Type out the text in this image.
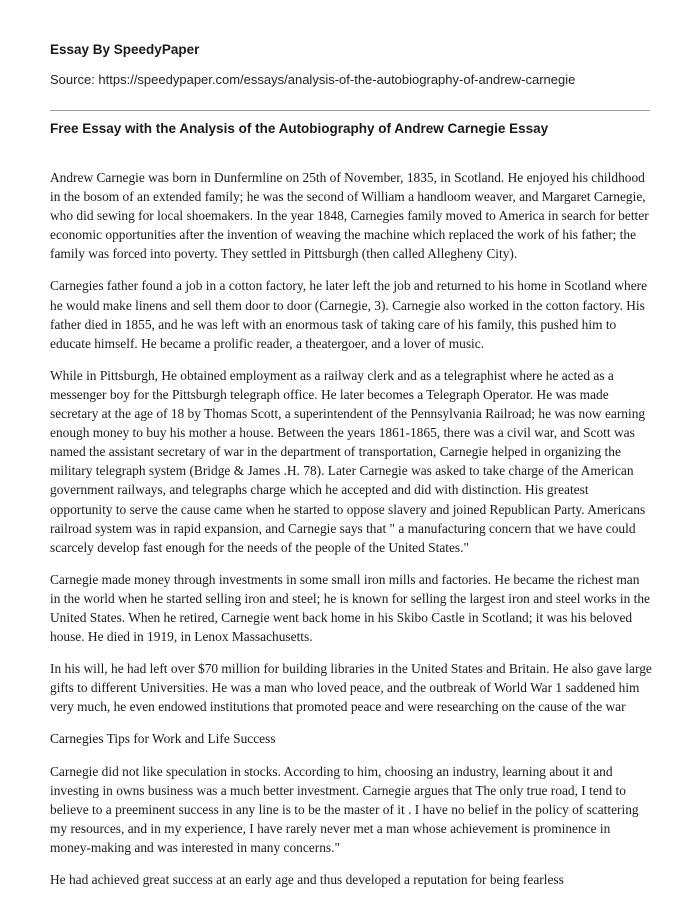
Essay By SpeedyPaper

Source: https://speedypaper.com/essays/analysis-of-the-autobiography-of-andrew-carnegie

Free Essay with the Analysis of the Autobiography of Andrew Carnegie Essay

Andrew Carnegie was born in Dunfermline on 25th of November, 1835, in Scotland. He enjoyed his childhood in the bosom of an extended family; he was the second of William a handloom weaver, and Margaret Carnegie, who did sewing for local shoemakers. In the year 1848, Carnegies family moved to America in search for better economic opportunities after the invention of weaving the machine which replaced the work of his father; the family was forced into poverty. They settled in Pittsburgh (then called Allegheny City).

Carnegies father found a job in a cotton factory, he later left the job and returned to his home in Scotland where he would make linens and sell them door to door (Carnegie, 3). Carnegie also worked in the cotton factory. His father died in 1855, and he was left with an enormous task of taking care of his family, this pushed him to educate himself. He became a prolific reader, a theatergoer, and a lover of music.

While in Pittsburgh, He obtained employment as a railway clerk and as a telegraphist where he acted as a messenger boy for the Pittsburgh telegraph office. He later becomes a Telegraph Operator. He was made secretary at the age of 18 by Thomas Scott, a superintendent of the Pennsylvania Railroad; he was now earning enough money to buy his mother a house. Between the years 1861-1865, there was a civil war, and Scott was named the assistant secretary of war in the department of transportation, Carnegie helped in organizing the military telegraph system (Bridge & James .H. 78). Later Carnegie was asked to take charge of the American government railways, and telegraphs charge which he accepted and did with distinction. His greatest opportunity to serve the cause came when he started to oppose slavery and joined Republican Party. Americans railroad system was in rapid expansion, and Carnegie says that " a manufacturing concern that we have could scarcely develop fast enough for the needs of the people of the United States."

Carnegie made money through investments in some small iron mills and factories. He became the richest man in the world when he started selling iron and steel; he is known for selling the largest iron and steel works in the United States. When he retired, Carnegie went back home in his Skibo Castle in Scotland; it was his beloved house. He died in 1919, in Lenox Massachusetts.

In his will, he had left over $70 million for building libraries in the United States and Britain. He also gave large gifts to different Universities. He was a man who loved peace, and the outbreak of World War 1 saddened him very much, he even endowed institutions that promoted peace and were researching on the cause of the war

Carnegies Tips for Work and Life Success

Carnegie did not like speculation in stocks. According to him, choosing an industry, learning about it and investing in owns business was a much better investment. Carnegie argues that The only true road, I tend to believe to a preeminent success in any line is to be the master of it . I have no belief in the policy of scattering my resources, and in my experience, I have rarely never met a man whose achievement is prominence in money-making and was interested in many concerns."

He had achieved great success at an early age and thus developed a reputation for being fearless
